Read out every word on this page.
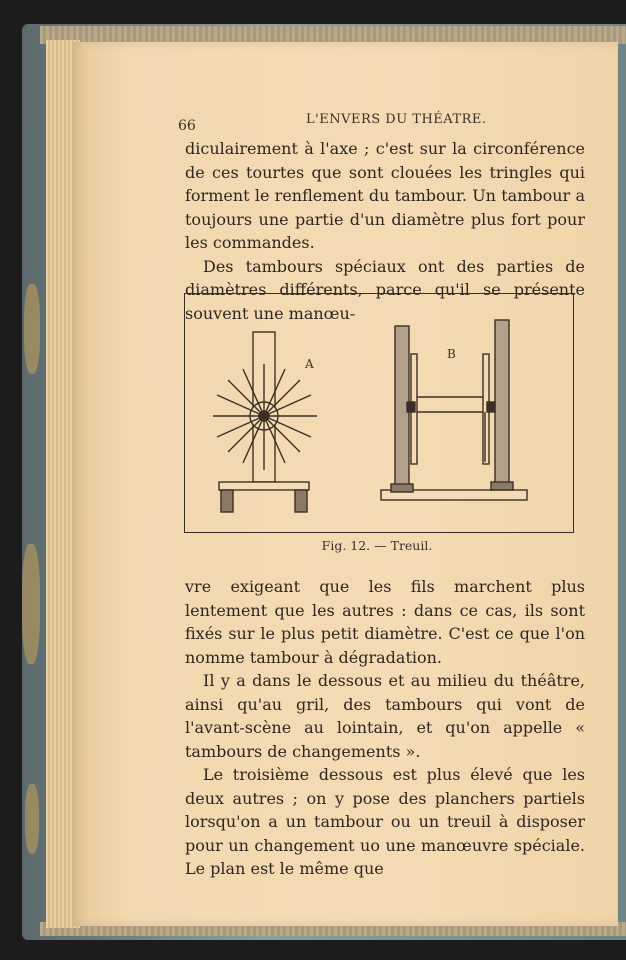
66	L'ENVERS DU THÉATRE.

diculairement à l'axe ; c'est sur la circonférence de ces tourtes que sont clouées les tringles qui forment le renflement du tambour. Un tambour a toujours une partie d'un diamètre plus fort pour les commandes.

Des tambours spéciaux ont des parties de diamètres différents, parce qu'il se présente souvent une manœu-

A
B
Fig. 12. — Treuil.

vre exigeant que les fils marchent plus lentement que les autres : dans ce cas, ils sont fixés sur le plus petit diamètre. C'est ce que l'on nomme tambour à dégradation.

Il y a dans le dessous et au milieu du théâtre, ainsi qu'au gril, des tambours qui vont de l'avant-scène au lointain, et qu'on appelle « tambours de changements ».

Le troisième dessous est plus élevé que les deux autres ; on y pose des planchers partiels lorsqu'on a un tambour ou un treuil à disposer pour un changement uo une manœuvre spéciale. Le plan est le même que
